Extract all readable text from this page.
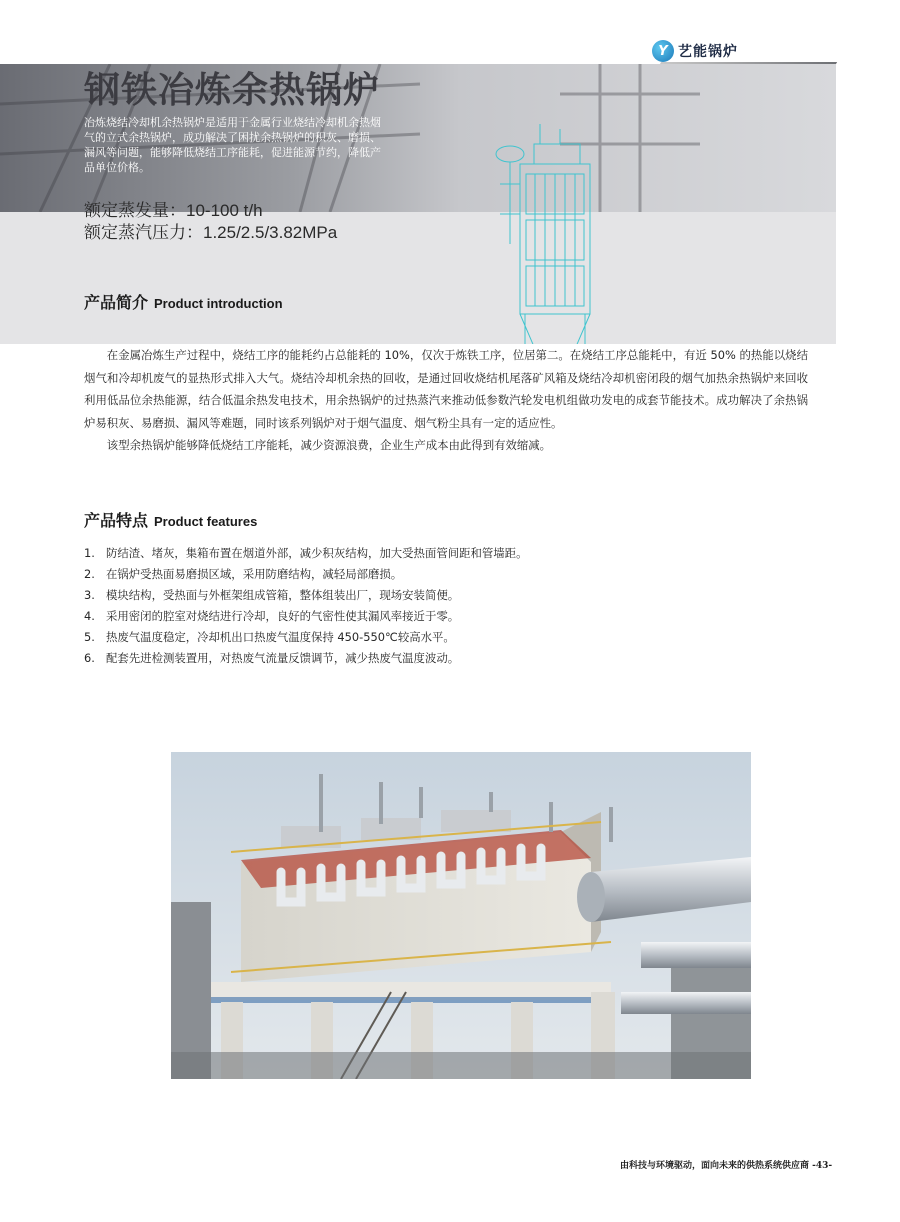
Y 艺能锅炉
钢铁冶炼余热锅炉
冶炼烧结冷却机余热锅炉是适用于金属行业烧结冷却机余热烟气的立式余热锅炉，成功解决了困扰余热锅炉的积灰、磨损、漏风等问题，能够降低烧结工序能耗，促进能源节约，降低产品单位价格。
额定蒸发量：10-100 t/h
额定蒸汽压力：1.25/2.5/3.82MPa
产品简介 Product introduction

在金属冶炼生产过程中，烧结工序的能耗约占总能耗的 10%，仅次于炼铁工序，位居第二。在烧结工序总能耗中，有近 50% 的热能以烧结烟气和冷却机废气的显热形式排入大气。烧结冷却机余热的回收，是通过回收烧结机尾落矿风箱及烧结冷却机密闭段的烟气加热余热锅炉来回收利用低品位余热能源，结合低温余热发电技术，用余热锅炉的过热蒸汽来推动低参数汽轮发电机组做功发电的成套节能技术。成功解决了余热锅炉易积灰、易磨损、漏风等难题，同时该系列锅炉对于烟气温度、烟气粉尘具有一定的适应性。

该型余热锅炉能够降低烧结工序能耗，减少资源浪费，企业生产成本由此得到有效缩减。

产品特点 Product features
1. 防结渣、堵灰，集箱布置在烟道外部，减少积灰结构，加大受热面管间距和管墙距。
2. 在锅炉受热面易磨损区域，采用防磨结构，减轻局部磨损。
3. 模块结构，受热面与外框架组成管箱，整体组装出厂，现场安装简便。
4. 采用密闭的腔室对烧结进行冷却，良好的气密性使其漏风率接近于零。
5. 热废气温度稳定，冷却机出口热废气温度保持 450-550℃较高水平。
6. 配套先进检测装置用，对热废气流量反馈调节，减少热废气温度波动。
由科技与环境驱动，面向未来的供热系统供应商 -43-
